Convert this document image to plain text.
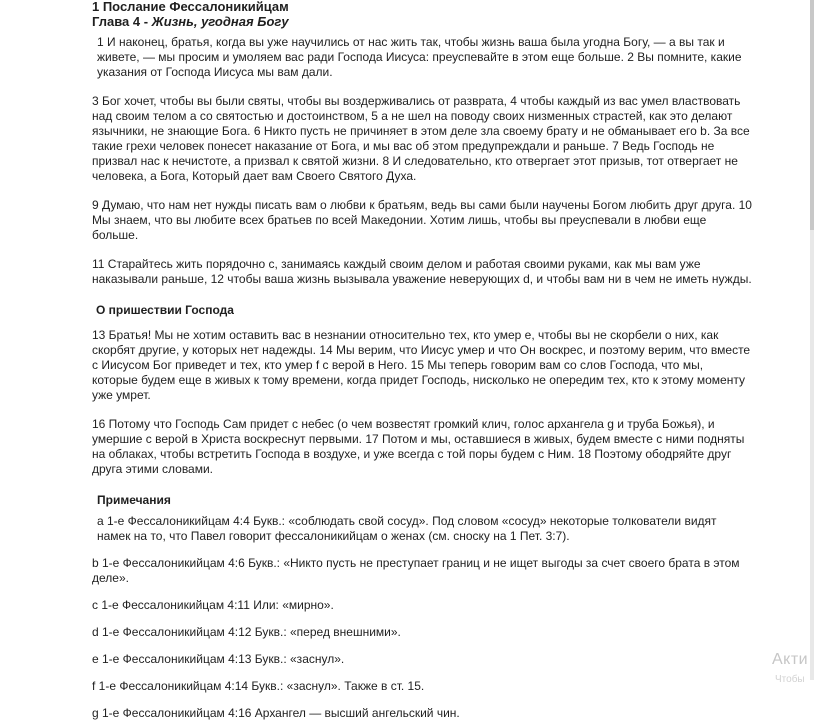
1 Послание Фессалоникийцам
Глава 4 - Жизнь, угодная Богу

1 И наконец, братья, когда вы уже научились от нас жить так, чтобы жизнь ваша была угодна Богу, — а вы так и живете, — мы просим и умоляем вас ради Господа Иисуса: преуспевайте в этом еще больше. 2 Вы помните, какие указания от Господа Иисуса мы вам дали.

3 Бог хочет, чтобы вы были святы, чтобы вы воздерживались от разврата, 4 чтобы каждый из вас умел властвовать над своим телом a со святостью и достоинством, 5 а не шел на поводу своих низменных страстей, как это делают язычники, не знающие Бога. 6 Никто пусть не причиняет в этом деле зла своему брату и не обманывает его b. За все такие грехи человек понесет наказание от Бога, и мы вас об этом предупреждали и раньше. 7 Ведь Господь не призвал нас к нечистоте, а призвал к святой жизни. 8 И следовательно, кто отвергает этот призыв, тот отвергает не человека, а Бога, Который дает вам Своего Святого Духа.

9 Думаю, что нам нет нужды писать вам о любви к братьям, ведь вы сами были научены Богом любить друг друга. 10 Мы знаем, что вы любите всех братьев по всей Македонии. Хотим лишь, чтобы вы преуспевали в любви еще больше.

11 Старайтесь жить порядочно c, занимаясь каждый своим делом и работая своими руками, как мы вам уже наказывали раньше, 12 чтобы ваша жизнь вызывала уважение неверующих d, и чтобы вам ни в чем не иметь нужды.

О пришествии Господа

13 Братья! Мы не хотим оставить вас в незнании относительно тех, кто умер e, чтобы вы не скорбели о них, как скорбят другие, у которых нет надежды. 14 Мы верим, что Иисус умер и что Он воскрес, и поэтому верим, что вместе с Иисусом Бог приведет и тех, кто умер f с верой в Него. 15 Мы теперь говорим вам со слов Господа, что мы, которые будем еще в живых к тому времени, когда придет Господь, нисколько не опередим тех, кто к этому моменту уже умрет.

16 Потому что Господь Сам придет с небес (о чем возвестят громкий клич, голос архангела g и труба Божья), и умершие с верой в Христа воскреснут первыми. 17 Потом и мы, оставшиеся в живых, будем вместе с ними подняты на облаках, чтобы встретить Господа в воздухе, и уже всегда с той поры будем с Ним. 18 Поэтому ободряйте друг друга этими словами.

Примечания

a 1-е Фессалоникийцам 4:4 Букв.: «соблюдать свой сосуд». Под словом «сосуд» некоторые толкователи видят намек на то, что Павел говорит фессалоникийцам о женах (см. сноску на 1 Пет. 3:7).

b 1-е Фессалоникийцам 4:6 Букв.: «Никто пусть не преступает границ и не ищет выгоды за счет своего брата в этом деле».

c 1-е Фессалоникийцам 4:11 Или: «мирно».

d 1-е Фессалоникийцам 4:12 Букв.: «перед внешними».

e 1-е Фессалоникийцам 4:13 Букв.: «заснул».

f 1-е Фессалоникийцам 4:14 Букв.: «заснул». Также в ст. 15.

g 1-е Фессалоникийцам 4:16 Архангел — высший ангельский чин.

Акти
Чтобы
